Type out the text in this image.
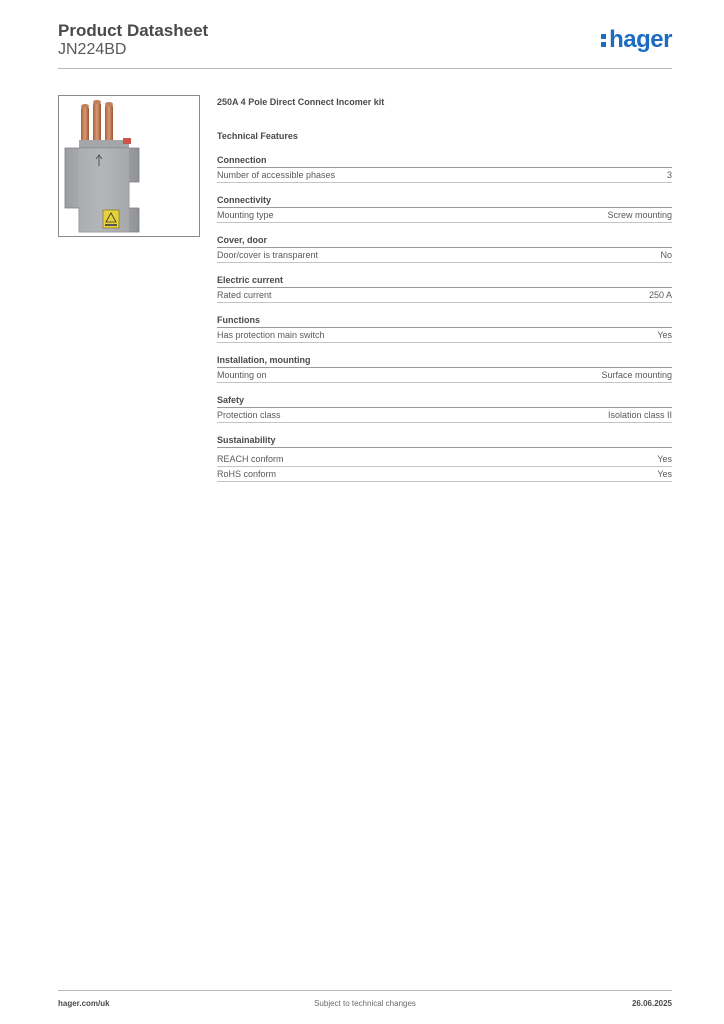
Product Datasheet
JN224BD	hager
250A 4 Pole Direct Connect Incomer kit
Technical Features
Connection
Number of accessible phases	3
Connectivity
Mounting type	Screw mounting
Cover, door
Door/cover is transparent	No
Electric current
Rated current	250 A
Functions
Has protection main switch	Yes
Installation, mounting
Mounting on	Surface mounting
Safety
Protection class	Isolation class II
Sustainability
REACH conform	Yes
RoHS conform	Yes
hager.com/uk	Subject to technical changes	26.06.2025
